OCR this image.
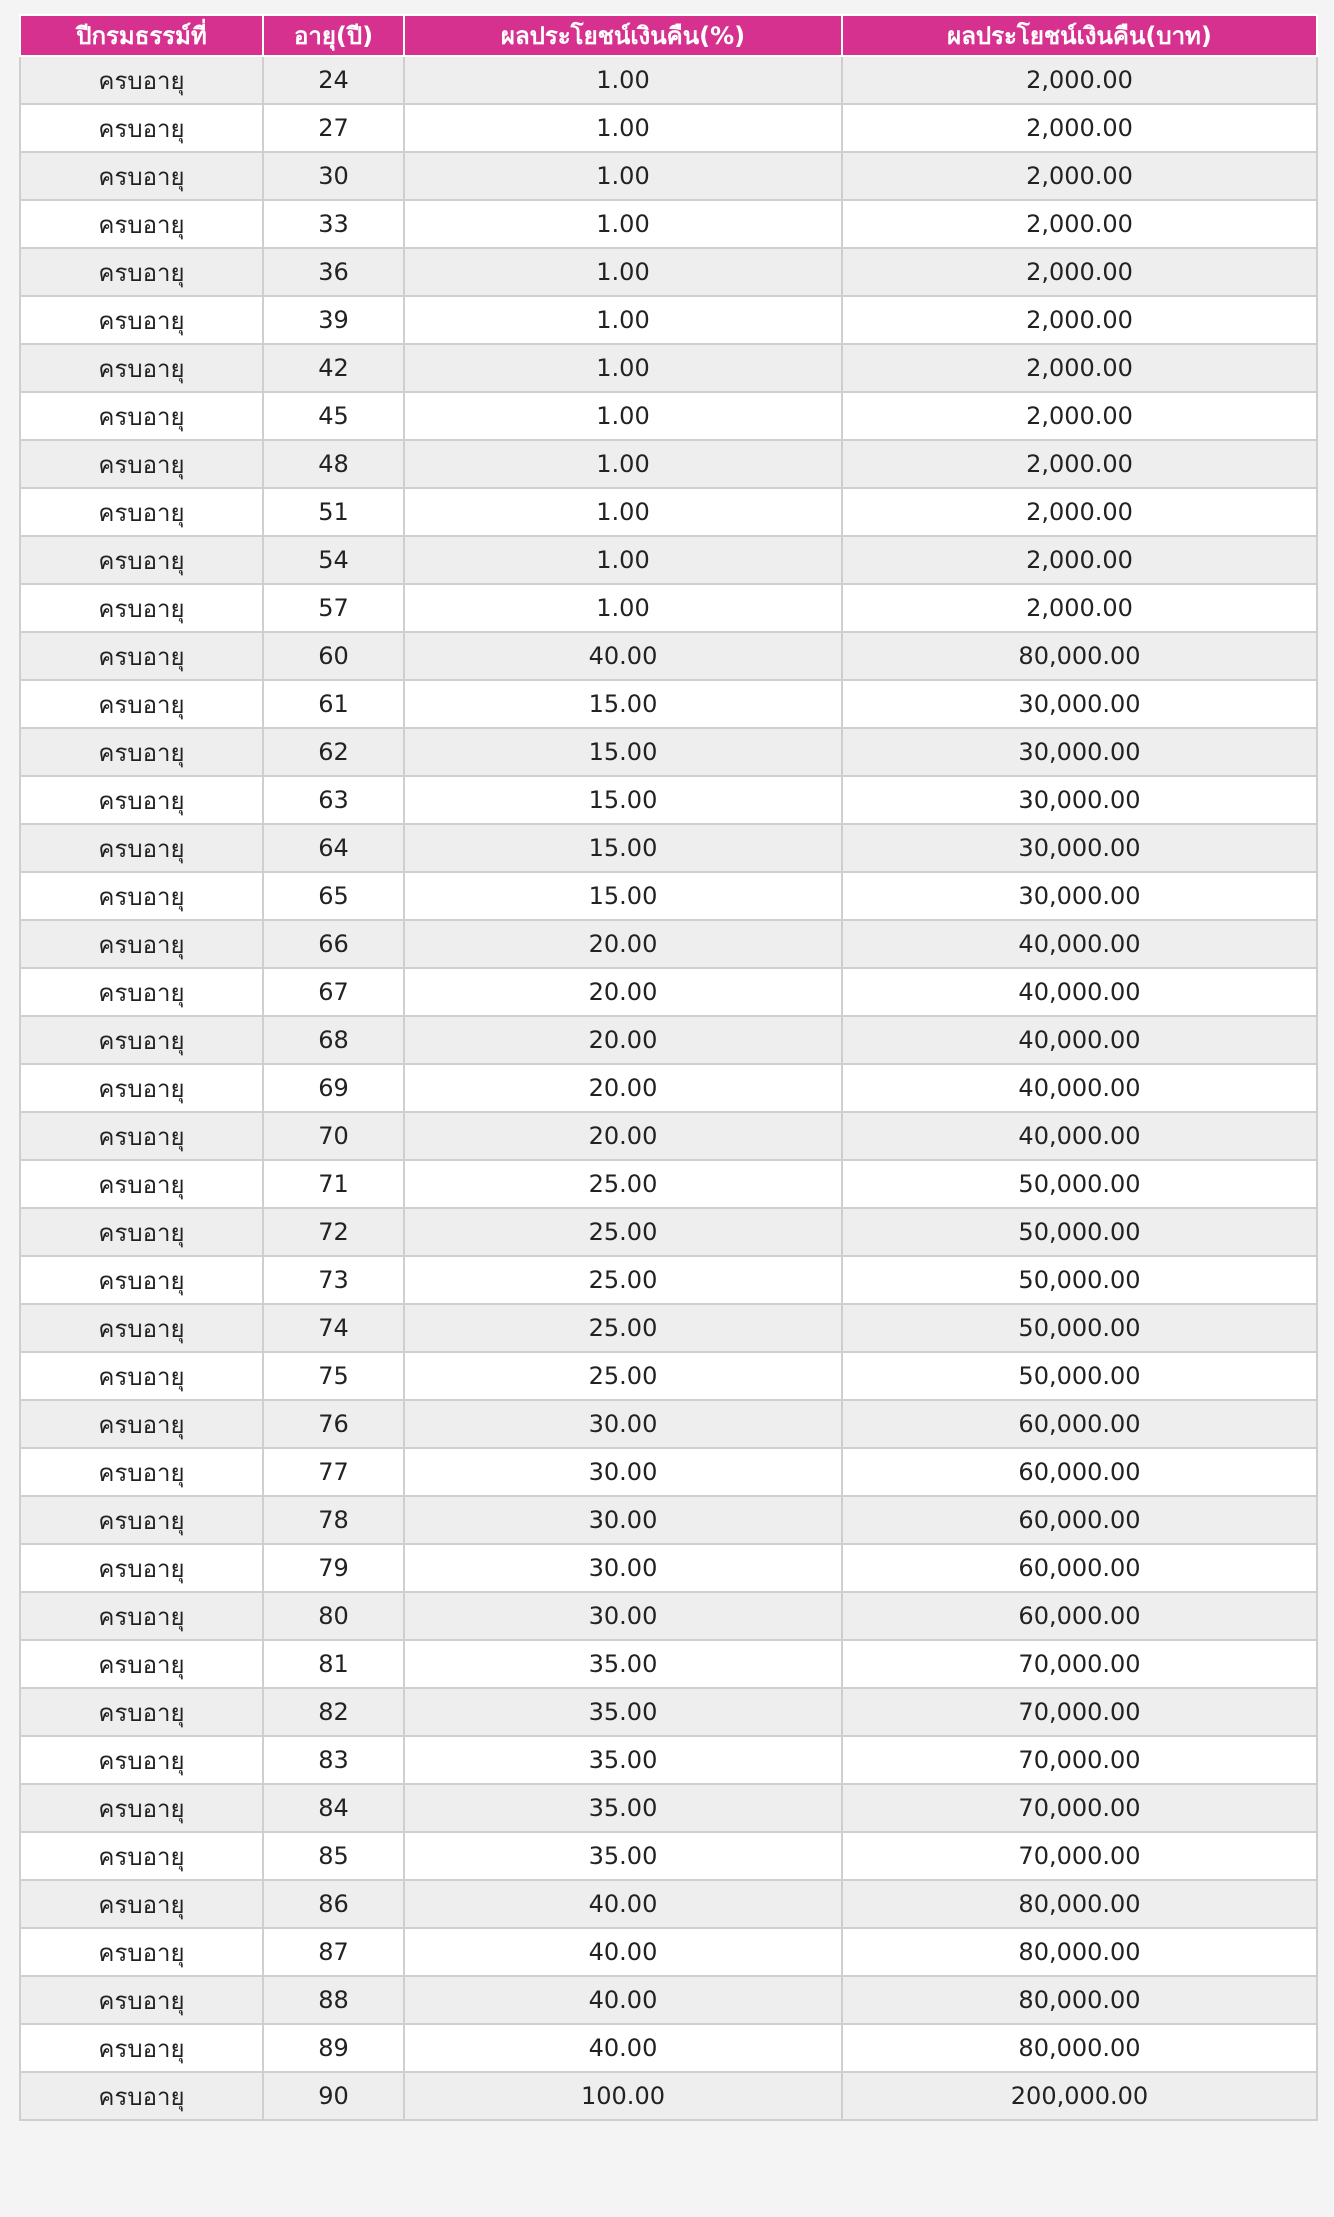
ปีกรมธรรม์ที่	อายุ(ปี)	ผลประโยชน์เงินคืน(%)	ผลประโยชน์เงินคืน(บาท)
ครบอายุ	24	1.00	2,000.00
ครบอายุ	27	1.00	2,000.00
ครบอายุ	30	1.00	2,000.00
ครบอายุ	33	1.00	2,000.00
ครบอายุ	36	1.00	2,000.00
ครบอายุ	39	1.00	2,000.00
ครบอายุ	42	1.00	2,000.00
ครบอายุ	45	1.00	2,000.00
ครบอายุ	48	1.00	2,000.00
ครบอายุ	51	1.00	2,000.00
ครบอายุ	54	1.00	2,000.00
ครบอายุ	57	1.00	2,000.00
ครบอายุ	60	40.00	80,000.00
ครบอายุ	61	15.00	30,000.00
ครบอายุ	62	15.00	30,000.00
ครบอายุ	63	15.00	30,000.00
ครบอายุ	64	15.00	30,000.00
ครบอายุ	65	15.00	30,000.00
ครบอายุ	66	20.00	40,000.00
ครบอายุ	67	20.00	40,000.00
ครบอายุ	68	20.00	40,000.00
ครบอายุ	69	20.00	40,000.00
ครบอายุ	70	20.00	40,000.00
ครบอายุ	71	25.00	50,000.00
ครบอายุ	72	25.00	50,000.00
ครบอายุ	73	25.00	50,000.00
ครบอายุ	74	25.00	50,000.00
ครบอายุ	75	25.00	50,000.00
ครบอายุ	76	30.00	60,000.00
ครบอายุ	77	30.00	60,000.00
ครบอายุ	78	30.00	60,000.00
ครบอายุ	79	30.00	60,000.00
ครบอายุ	80	30.00	60,000.00
ครบอายุ	81	35.00	70,000.00
ครบอายุ	82	35.00	70,000.00
ครบอายุ	83	35.00	70,000.00
ครบอายุ	84	35.00	70,000.00
ครบอายุ	85	35.00	70,000.00
ครบอายุ	86	40.00	80,000.00
ครบอายุ	87	40.00	80,000.00
ครบอายุ	88	40.00	80,000.00
ครบอายุ	89	40.00	80,000.00
ครบอายุ	90	100.00	200,000.00
